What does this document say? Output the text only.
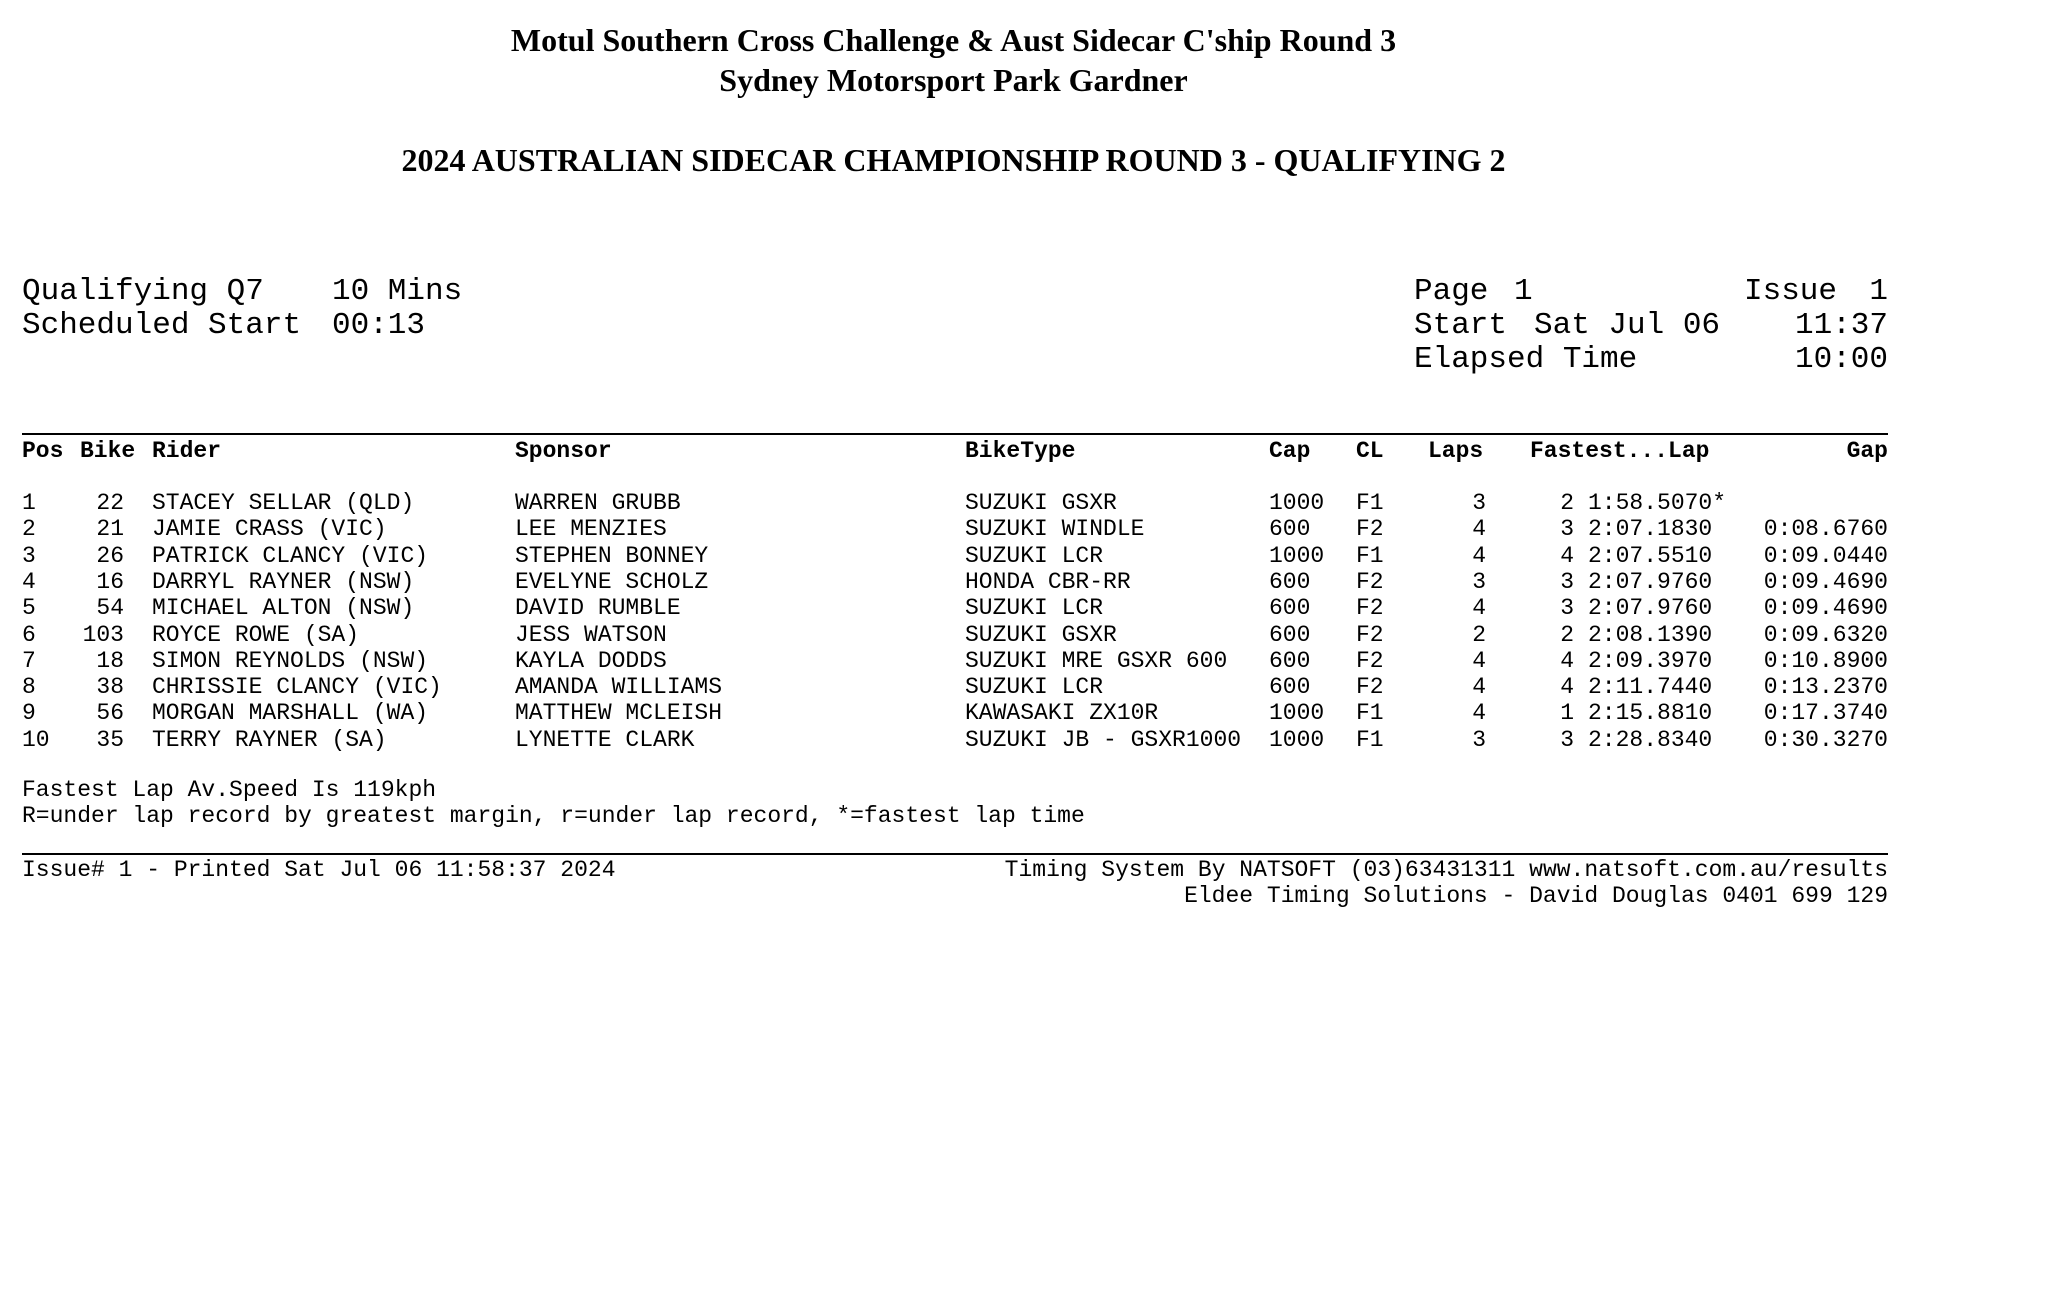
Motul Southern Cross Challenge & Aust Sidecar C'ship Round 3
Sydney Motorsport Park Gardner
2024 AUSTRALIAN SIDECAR CHAMPIONSHIP ROUND 3 - QUALIFYING 2
Qualifying Q7 10 Mins
Scheduled Start 00:13
Page 1	Issue	1
Start Sat Jul 06	11:37
Elapsed Time	10:00
Pos Bike Rider	Sponsor	BikeType	Cap CL Laps Fastest...Lap	Gap
1	22 STACEY SELLAR (QLD)	WARREN GRUBB	SUZUKI GSXR	1000	F1	3	2 1:58.5070*
2	21 JAMIE CRASS (VIC)	LEE MENZIES	SUZUKI WINDLE	600	F2	4	3 2:07.1830	0:08.6760
3	26 PATRICK CLANCY (VIC)	STEPHEN BONNEY	SUZUKI LCR	1000	F1	4	4 2:07.5510	0:09.0440
4	16 DARRYL RAYNER (NSW)	EVELYNE SCHOLZ	HONDA CBR-RR	600	F2	3	3 2:07.9760	0:09.4690
5	54 MICHAEL ALTON (NSW)	DAVID RUMBLE	SUZUKI LCR	600	F2	4	3 2:07.9760	0:09.4690
6	103 ROYCE ROWE (SA)	JESS WATSON	SUZUKI GSXR	600	F2	2	2 2:08.1390	0:09.6320
7	18 SIMON REYNOLDS (NSW)	KAYLA DODDS	SUZUKI MRE GSXR 600	600	F2	4	4 2:09.3970	0:10.8900
8	38 CHRISSIE CLANCY (VIC)	AMANDA WILLIAMS	SUZUKI LCR	600	F2	4	4 2:11.7440	0:13.2370
9	56 MORGAN MARSHALL (WA)	MATTHEW MCLEISH	KAWASAKI ZX10R	1000	F1	4	1 2:15.8810	0:17.3740
10	35 TERRY RAYNER (SA)	LYNETTE CLARK	SUZUKI JB - GSXR1000	1000	F1	3	3 2:28.8340	0:30.3270
Fastest Lap Av.Speed Is 119kph
R=under lap record by greatest margin, r=under lap record, *=fastest lap time
Issue# 1 - Printed Sat Jul 06 11:58:37 2024	Timing System By NATSOFT (03)63431311 www.natsoft.com.au/results
Eldee Timing Solutions - David Douglas 0401 699 129
